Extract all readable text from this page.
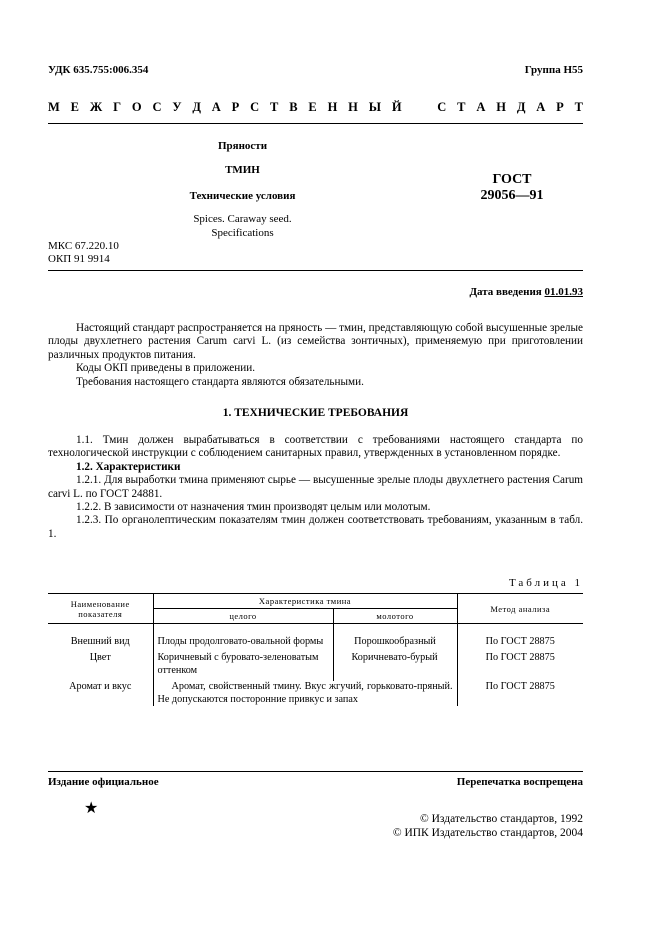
УДК 635.755:006.354	Группа Н55
М Е Ж Г О С У Д А Р С Т В Е Н Н Ы Й	С Т А Н Д А Р Т
Пряности
ТМИН
Технические условия
Spices. Caraway seed.
Specifications
ГОСТ
29056—91
МКС 67.220.10
ОКП 91 9914
Дата введения 01.01.93

Настоящий стандарт распространяется на пряность — тмин, представляющую собой высушенные зрелые плоды двухлетнего растения Carum carvi L. (из семейства зонтичных), применяемую при приготовлении различных продуктов питания.

Коды ОКП приведены в приложении.

Требования настоящего стандарта являются обязательными.

1. ТЕХНИЧЕСКИЕ ТРЕБОВАНИЯ

1.1. Тмин должен вырабатываться в соответствии с требованиями настоящего стандарта по технологической инструкции с соблюдением санитарных правил, утвержденных в установленном порядке.

1.2. Характеристики

1.2.1. Для выработки тмина применяют сырье — высушенные зрелые плоды двухлетнего растения Carum carvi L. по ГОСТ 24881.

1.2.2. В зависимости от назначения тмин производят целым или молотым.

1.2.3. По органолептическим показателям тмин должен соответствовать требованиям, указанным в табл. 1.

Таблица 1
Наименование показателя	Характеристика тмина		Метод анализа
	целого	молотого	

Внешний вид	Плоды продолговато-овальной формы	Порошкообразный	По ГОСТ 28875

Цвет	Коричневый с буровато-зеленоватым оттенком	Коричневато-бурый	По ГОСТ 28875

Аромат и вкус	Аромат, свойственный тмину. Вкус жгучий, горьковато-пряный. Не допускаются посторонние привкус и запах		По ГОСТ 28875
Издание официальное	Перепечатка воспрещена
★
© Издательство стандартов, 1992
© ИПК Издательство стандартов, 2004
